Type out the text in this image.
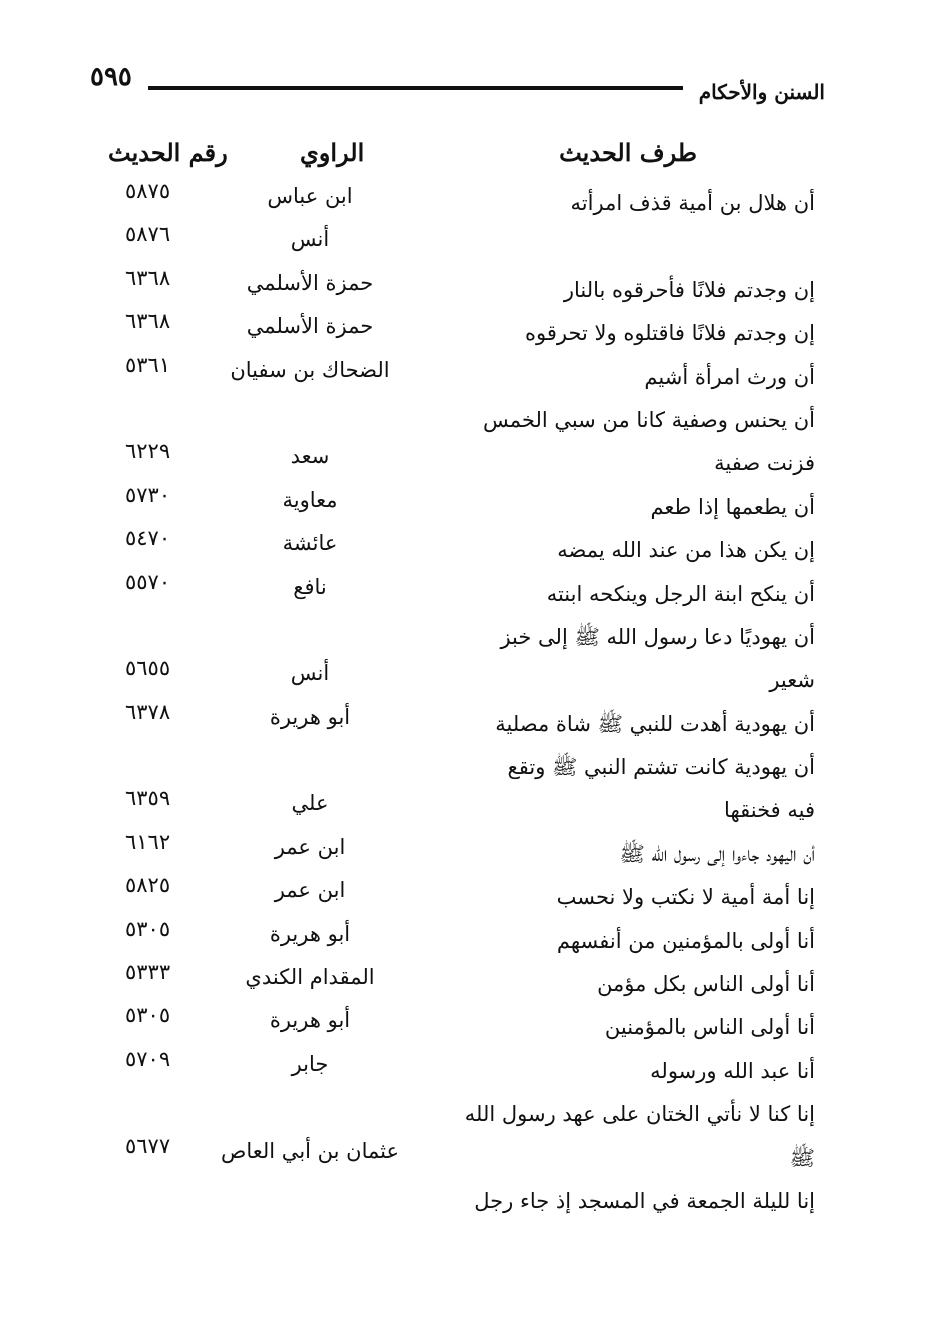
٥٩٥	السنن والأحكام
طرف الحديث
الراوي
رقم الحديث
أن هلال بن أمية قذف امرأته
ابن عباس
٥٨٧٥
أنس
٥٨٧٦
إن وجدتم فلانًا فأحرقوه بالنار
حمزة الأسلمي
٦٣٦٨
إن وجدتم فلانًا فاقتلوه ولا تحرقوه
حمزة الأسلمي
٦٣٦٨
أن ورث امرأة أشيم
الضحاك بن سفيان
٥٣٦١
أن يحنس وصفية كانا من سبي الخمس
فزنت صفية
سعد
٦٢٢٩
أن يطعمها إذا طعم
معاوية
٥٧٣٠
إن يكن هذا من عند الله يمضه
عائشة
٥٤٧٠
أن ينكح ابنة الرجل وينكحه ابنته
نافع
٥٥٧٠
أن يهوديًا دعا رسول الله ﷺ إلى خبز
شعير
أنس
٥٦٥٥
أن يهودية أهدت للنبي ﷺ شاة مصلية
أبو هريرة
٦٣٧٨
أن يهودية كانت تشتم النبي ﷺ وتقع
فيه فخنقها
علي
٦٣٥٩
أن اليهود جاءوا إلى رسول الله ﷺ
ابن عمر
٦١٦٢
إنا أمة أمية لا نكتب ولا نحسب
ابن عمر
٥٨٢٥
أنا أولى بالمؤمنين من أنفسهم
أبو هريرة
٥٣٠٥
أنا أولى الناس بكل مؤمن
المقدام الكندي
٥٣٣٣
أنا أولى الناس بالمؤمنين
أبو هريرة
٥٣٠٥
أنا عبد الله ورسوله
جابر
٥٧٠٩
إنا كنا لا نأتي الختان على عهد رسول الله
ﷺ
عثمان بن أبي العاص
٥٦٧٧
إنا لليلة الجمعة في المسجد إذ جاء رجل
